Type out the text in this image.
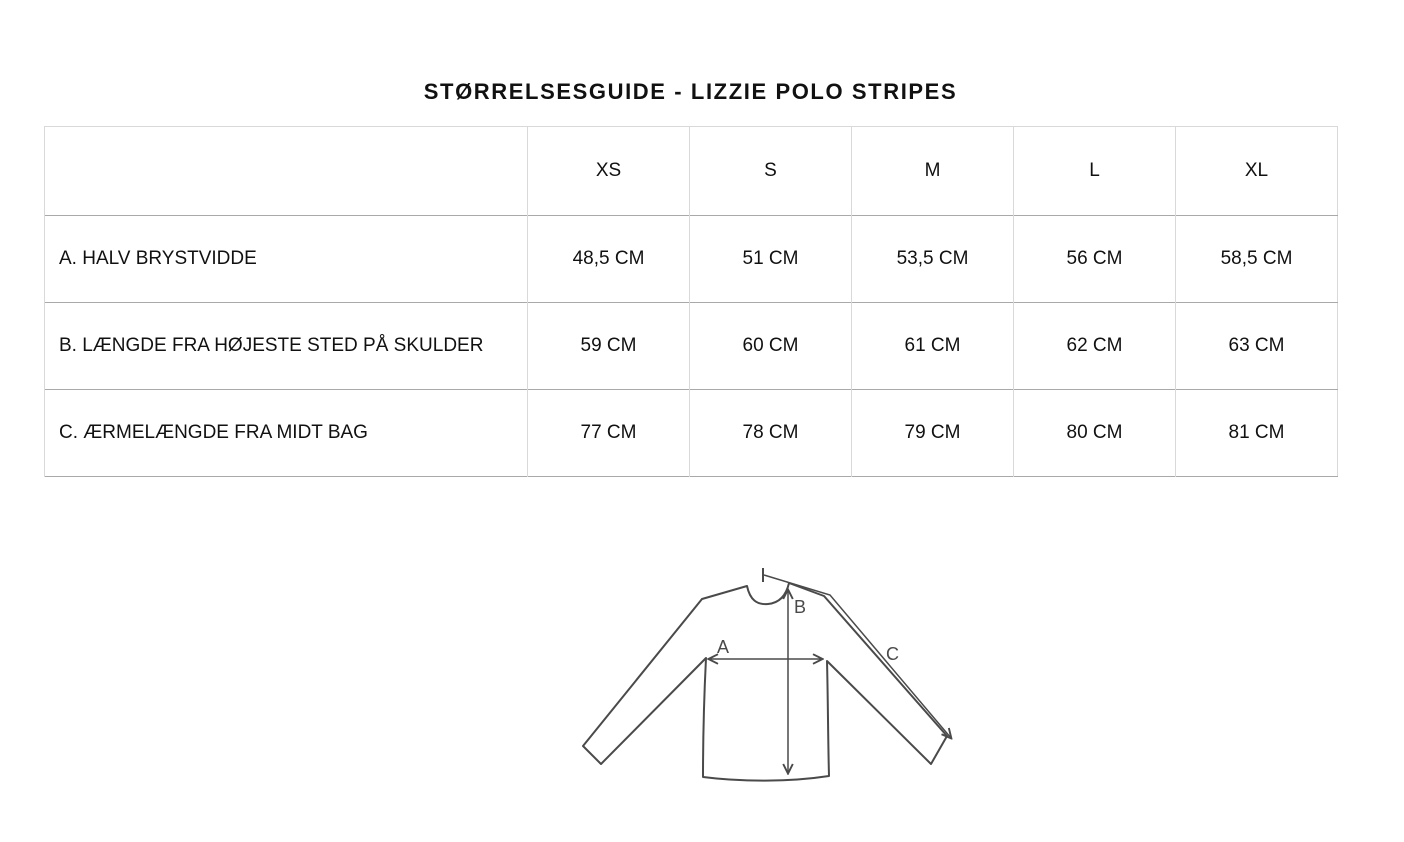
STØRRELSESGUIDE - LIZZIE POLO STRIPES
	XS	S	M	L	XL
A. HALV BRYSTVIDDE	48,5 CM	51 CM	53,5 CM	56 CM	58,5 CM
B. LÆNGDE FRA HØJESTE STED PÅ SKULDER	59 CM	60 CM	61 CM	62 CM	63 CM
C. ÆRMELÆNGDE FRA MIDT BAG	77 CM	78 CM	79 CM	80 CM	81 CM
A
B
C
